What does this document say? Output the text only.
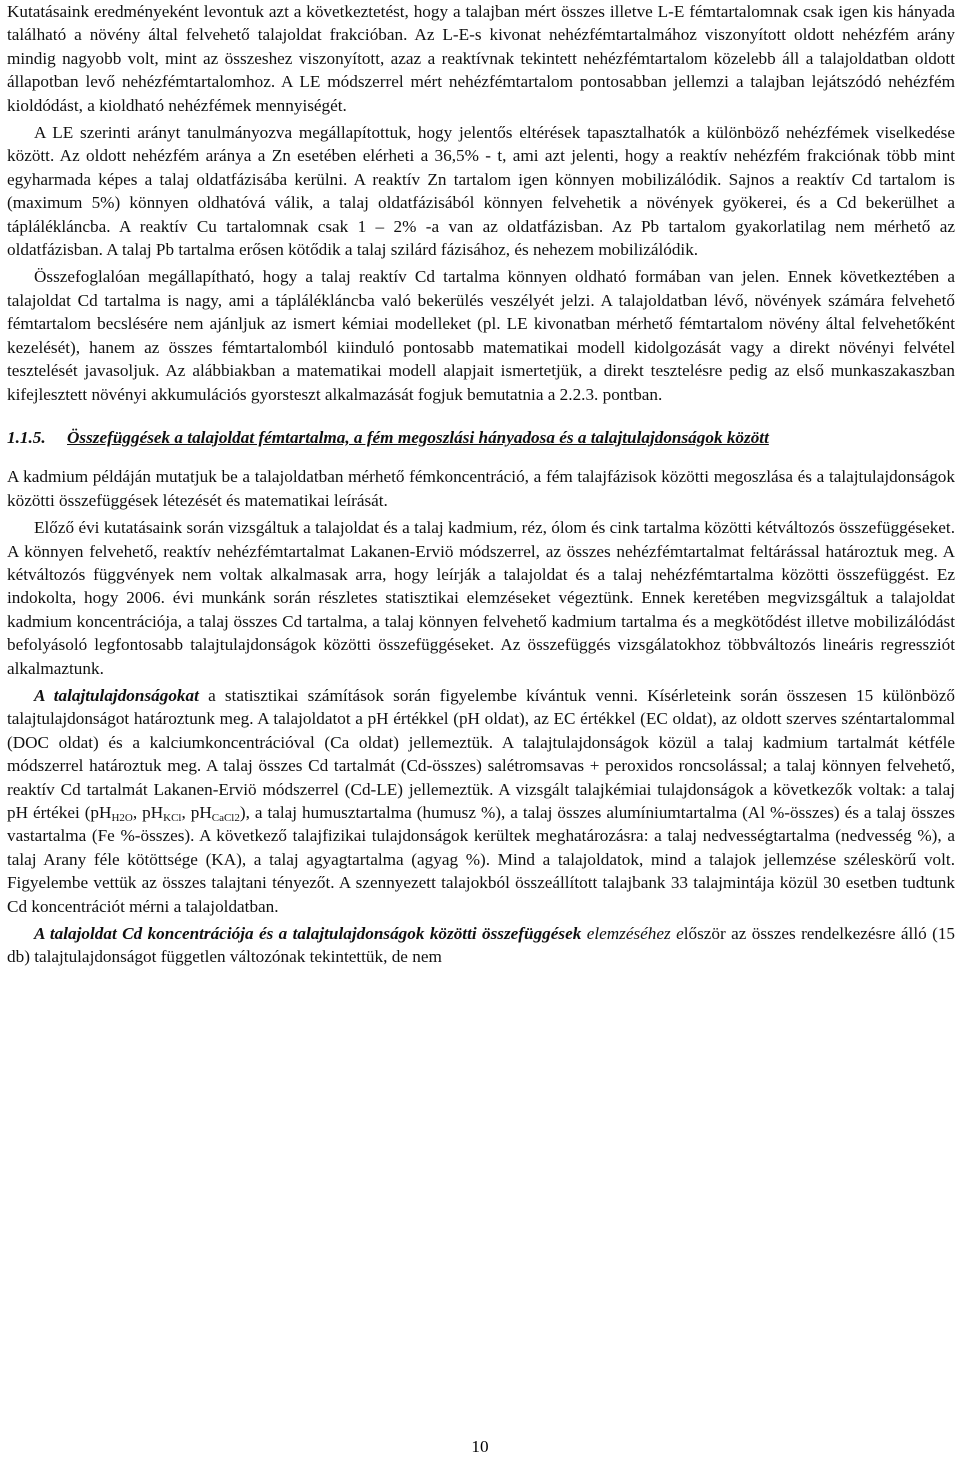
Kutatásaink eredményeként levontuk azt a következtetést, hogy a talajban mért összes illetve L-E fémtartalomnak csak igen kis hányada található a növény által felvehető talajoldat frakcióban. Az L-E-s kivonat nehézfémtartalmához viszonyított oldott nehézfém arány mindig nagyobb volt, mint az összeshez viszonyított, azaz a reaktívnak tekintett nehézfémtartalom közelebb áll a talajoldatban oldott állapotban levő nehézfémtartalomhoz. A LE módszerrel mért nehézfémtartalom pontosabban jellemzi a talajban lejátszódó nehézfém kioldódást, a kioldható nehézfémek mennyiségét.

A LE szerinti arányt tanulmányozva megállapítottuk, hogy jelentős eltérések tapasztalhatók a különböző nehézfémek viselkedése között. Az oldott nehézfém aránya a Zn esetében elérheti a 36,5% - t, ami azt jelenti, hogy a reaktív nehézfém frakciónak több mint egyharmada képes a talaj oldatfázisába kerülni. A reaktív Zn tartalom igen könnyen mobilizálódik. Sajnos a reaktív Cd tartalom is (maximum 5%) könnyen oldhatóvá válik, a talaj oldatfázisából könnyen felvehetik a növények gyökerei, és a Cd bekerülhet a táplálékláncba. A reaktív Cu tartalomnak csak 1 – 2% -a van az oldatfázisban. Az Pb tartalom gyakorlatilag nem mérhető az oldatfázisban. A talaj Pb tartalma erősen kötődik a talaj szilárd fázisához, és nehezem mobilizálódik.

Összefoglalóan megállapítható, hogy a talaj reaktív Cd tartalma könnyen oldható formában van jelen. Ennek következtében a talajoldat Cd tartalma is nagy, ami a táplálékláncba való bekerülés veszélyét jelzi. A talajoldatban lévő, növények számára felvehető fémtartalom becslésére nem ajánljuk az ismert kémiai modelleket (pl. LE kivonatban mérhető fémtartalom növény által felvehetőként kezelését), hanem az összes fémtartalomból kiinduló pontosabb matematikai modell kidolgozását vagy a direkt növényi felvétel tesztelését javasoljuk. Az alábbiakban a matematikai modell alapjait ismertetjük, a direkt tesztelésre pedig az első munkaszakaszban kifejlesztett növényi akkumulációs gyorsteszt alkalmazását fogjuk bemutatnia a 2.2.3. pontban.

1.1.5. Összefüggések a talajoldat fémtartalma, a fém megoszlási hányadosa és a talajtulajdonságok között

A kadmium példáján mutatjuk be a talajoldatban mérhető fémkoncentráció, a fém talajfázisok közötti megoszlása és a talajtulajdonságok közötti összefüggések létezését és matematikai leírását.

Előző évi kutatásaink során vizsgáltuk a talajoldat és a talaj kadmium, réz, ólom és cink tartalma közötti kétváltozós összefüggéseket. A könnyen felvehető, reaktív nehézfémtartalmat Lakanen-Erviö módszerrel, az összes nehézfémtartalmat feltárással határoztuk meg. A kétváltozós függvények nem voltak alkalmasak arra, hogy leírják a talajoldat és a talaj nehézfémtartalma közötti összefüggést. Ez indokolta, hogy 2006. évi munkánk során részletes statisztikai elemzéseket végeztünk. Ennek keretében megvizsgáltuk a talajoldat kadmium koncentrációja, a talaj összes Cd tartalma, a talaj könnyen felvehető kadmium tartalma és a megkötődést illetve mobilizálódást befolyásoló legfontosabb talajtulajdonságok közötti összefüggéseket. Az összefüggés vizsgálatokhoz többváltozós lineáris regressziót alkalmaztunk.

A talajtulajdonságokat a statisztikai számítások során figyelembe kívántuk venni. Kísérleteink során összesen 15 különböző talajtulajdonságot határoztunk meg. A talajoldatot a pH értékkel (pH oldat), az EC értékkel (EC oldat), az oldott szerves széntartalommal (DOC oldat) és a kalciumkoncentrációval (Ca oldat) jellemeztük. A talajtulajdonságok közül a talaj kadmium tartalmát kétféle módszerrel határoztuk meg. A talaj összes Cd tartalmát (Cd-összes) salétromsavas + peroxidos roncsolással; a talaj könnyen felvehető, reaktív Cd tartalmát Lakanen-Erviö módszerrel (Cd-LE) jellemeztük. A vizsgált talajkémiai tulajdonságok a következők voltak: a talaj pH értékei ($pH_{H2O}$, $pH_{KCl}$, $pH_{CaCl2}$), a talaj humusztartalma (humusz %), a talaj összes alumíniumtartalma (Al %-összes) és a talaj összes vastartalma (Fe %-összes). A következő talajfizikai tulajdonságok kerültek meghatározásra: a talaj nedvességtartalma (nedvesség %), a talaj Arany féle kötöttsége (KA), a talaj agyagtartalma (agyag %). Mind a talajoldatok, mind a talajok jellemzése széleskörű volt. Figyelembe vettük az összes talajtani tényezőt. A szennyezett talajokból összeállított talajbank 33 talajmintája közül 30 esetben tudtunk Cd koncentrációt mérni a talajoldatban.

A talajoldat Cd koncentrációja és a talajtulajdonságok közötti összefüggések elemzéséhez először az összes rendelkezésre álló (15 db) talajtulajdonságot független változónak tekintettük, de nem

10
